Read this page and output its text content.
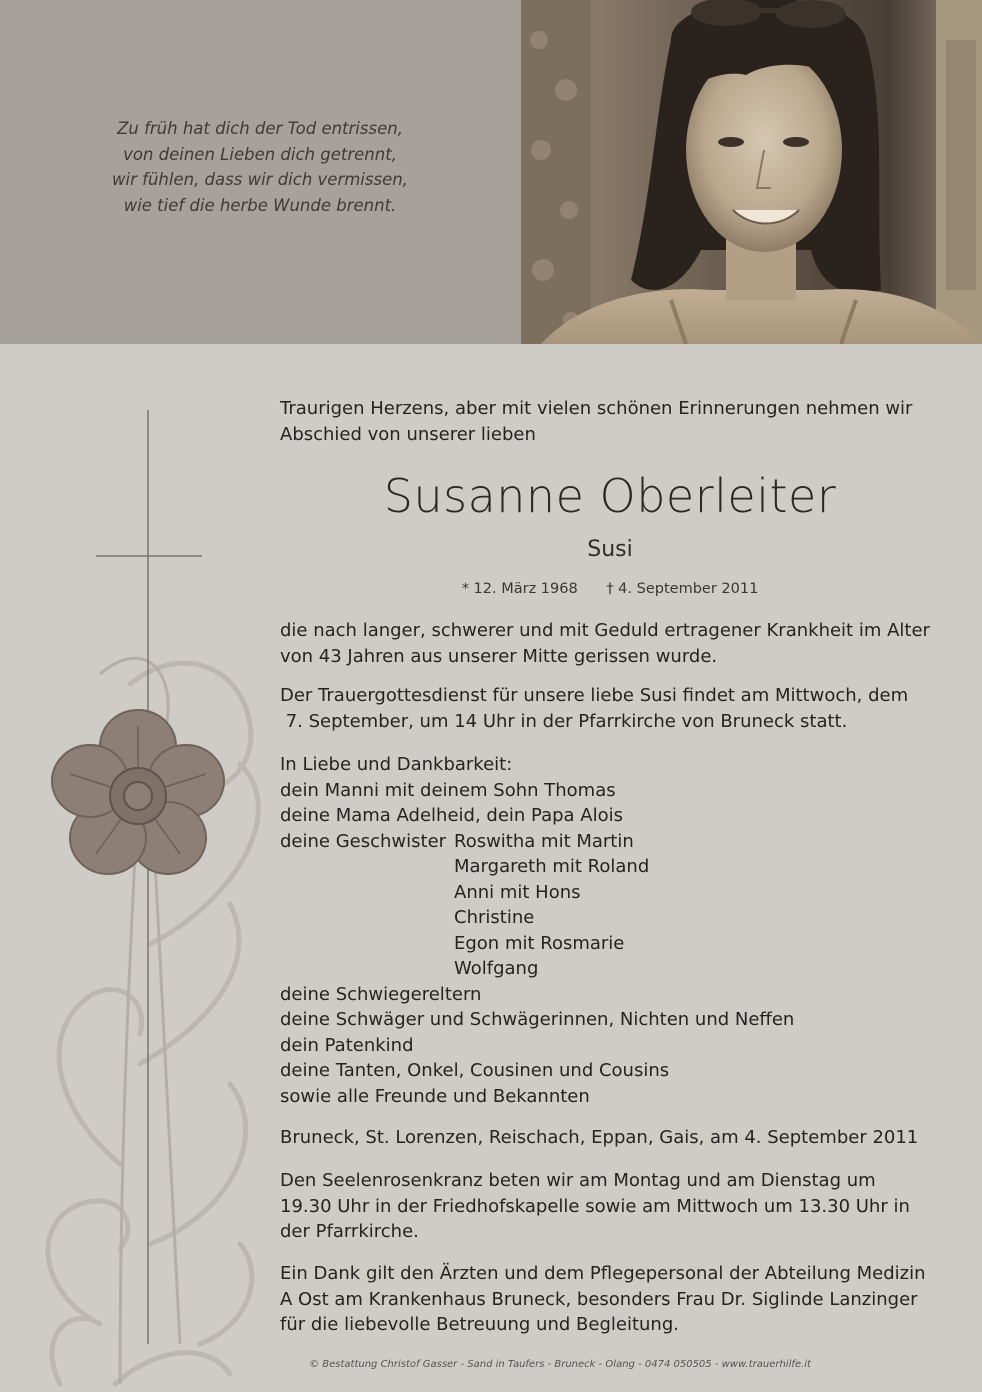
Zu früh hat dich der Tod entrissen,
von deinen Lieben dich getrennt,
wir fühlen, dass wir dich vermissen,
wie tief die herbe Wunde brennt.
Traurigen Herzens, aber mit vielen schönen Erinnerungen nehmen wir
Abschied von unserer lieben
Susanne Oberleiter
Susi
* 12. März 1968 † 4. September 2011
die nach langer, schwerer und mit Geduld ertragener Krankheit im Alter
von 43 Jahren aus unserer Mitte gerissen wurde.
Der Trauergottesdienst für unsere liebe Susi findet am Mittwoch, dem
7. September, um 14 Uhr in der Pfarrkirche von Bruneck statt.
In Liebe und Dankbarkeit:
dein Manni mit deinem Sohn Thomas
deine Mama Adelheid, dein Papa Alois
deine Geschwister Roswitha mit Martin
Margareth mit Roland
Anni mit Hons
Christine
Egon mit Rosmarie
Wolfgang
deine Schwiegereltern
deine Schwäger und Schwägerinnen, Nichten und Neffen
dein Patenkind
deine Tanten, Onkel, Cousinen und Cousins
sowie alle Freunde und Bekannten
Bruneck, St. Lorenzen, Reischach, Eppan, Gais, am 4. September 2011
Den Seelenrosenkranz beten wir am Montag und am Dienstag um
19.30 Uhr in der Friedhofskapelle sowie am Mittwoch um 13.30 Uhr in
der Pfarrkirche.
Ein Dank gilt den Ärzten und dem Pflegepersonal der Abteilung Medizin
A Ost am Krankenhaus Bruneck, besonders Frau Dr. Siglinde Lanzinger
für die liebevolle Betreuung und Begleitung.
© Bestattung Christof Gasser - Sand in Taufers - Bruneck - Olang - 0474 050505 - www.trauerhilfe.it
